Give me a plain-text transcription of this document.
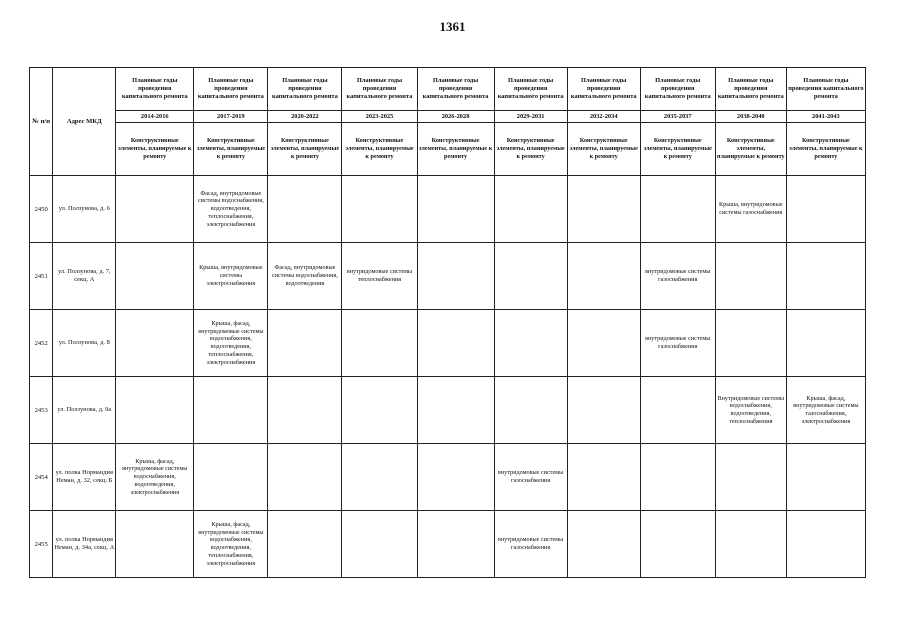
1361
№ п/п	Адрес МКД	Плановые годы проведения капитального ремонта	Плановые годы проведения капитального ремонта	Плановые годы проведения капитального ремонта	Плановые годы проведения капитального ремонта	Плановые годы проведения капитального ремонта	Плановые годы проведения капитального ремонта	Плановые годы проведения капитального ремонта	Плановые годы проведения капитального ремонта	Плановые годы проведения капитального ремонта	Плановые годы проведения капитального ремонта
		2014-2016	2017-2019	2020-2022	2023-2025	2026-2028	2029-2031	2032-2034	2035-2037	2038-2040	2041-2043
		Конструктивные элементы, планируемые к ремонту	Конструктивные элементы, планируемые к ремонту	Конструктивные элементы, планируемые к ремонту	Конструктивные элементы, планируемые к ремонту	Конструктивные элементы, планируемые к ремонту	Конструктивные элементы, планируемые к ремонту	Конструктивные элементы, планируемые к ремонту	Конструктивные элементы, планируемые к ремонту	Конструктивные элементы, планируемые к ремонту	Конструктивные элементы, планируемые к ремонту
2450	ул. Ползунова, д. 6		Фасад, внутридомовые системы водоснабжения, водоотведения, теплоснабжения, электроснабжения							Крыша, внутридомовые системы газоснабжения	
2451	ул. Ползунова, д. 7, секц. А		Крыша, внутридомовые системы электроснабжения	Фасад, внутридомовые системы водоснабжения, водоотведения	внутридомовые системы теплоснабжения				внутридомовые системы газоснабжения		
2452	ул. Ползунова, д. 8		Крыша, фасад, внутридомовые системы водоснабжения, водоотведения, теплоснабжения, электроснабжения						внутридомовые системы газоснабжения		
2453	ул. Ползунова, д. 9а									Внутридомовые системы водоснабжения, водоотведения, теплоснабжения	Крыша, фасад, внутридомовые системы газоснабжения, электроснабжения
2454	ул. полка Нормандия Неман, д. 32, секц. Б	Крыша, фасад, внутридомовые системы водоснабжения, водоотведения, электроснабжения					внутридомовые системы газоснабжения				
2455	ул. полка Нормандия Неман, д. 34а, секц. А		Крыша, фасад, внутридомовые системы водоснабжения, водоотведения, теплоснабжения, электроснабжения				внутридомовые системы газоснабжения				
